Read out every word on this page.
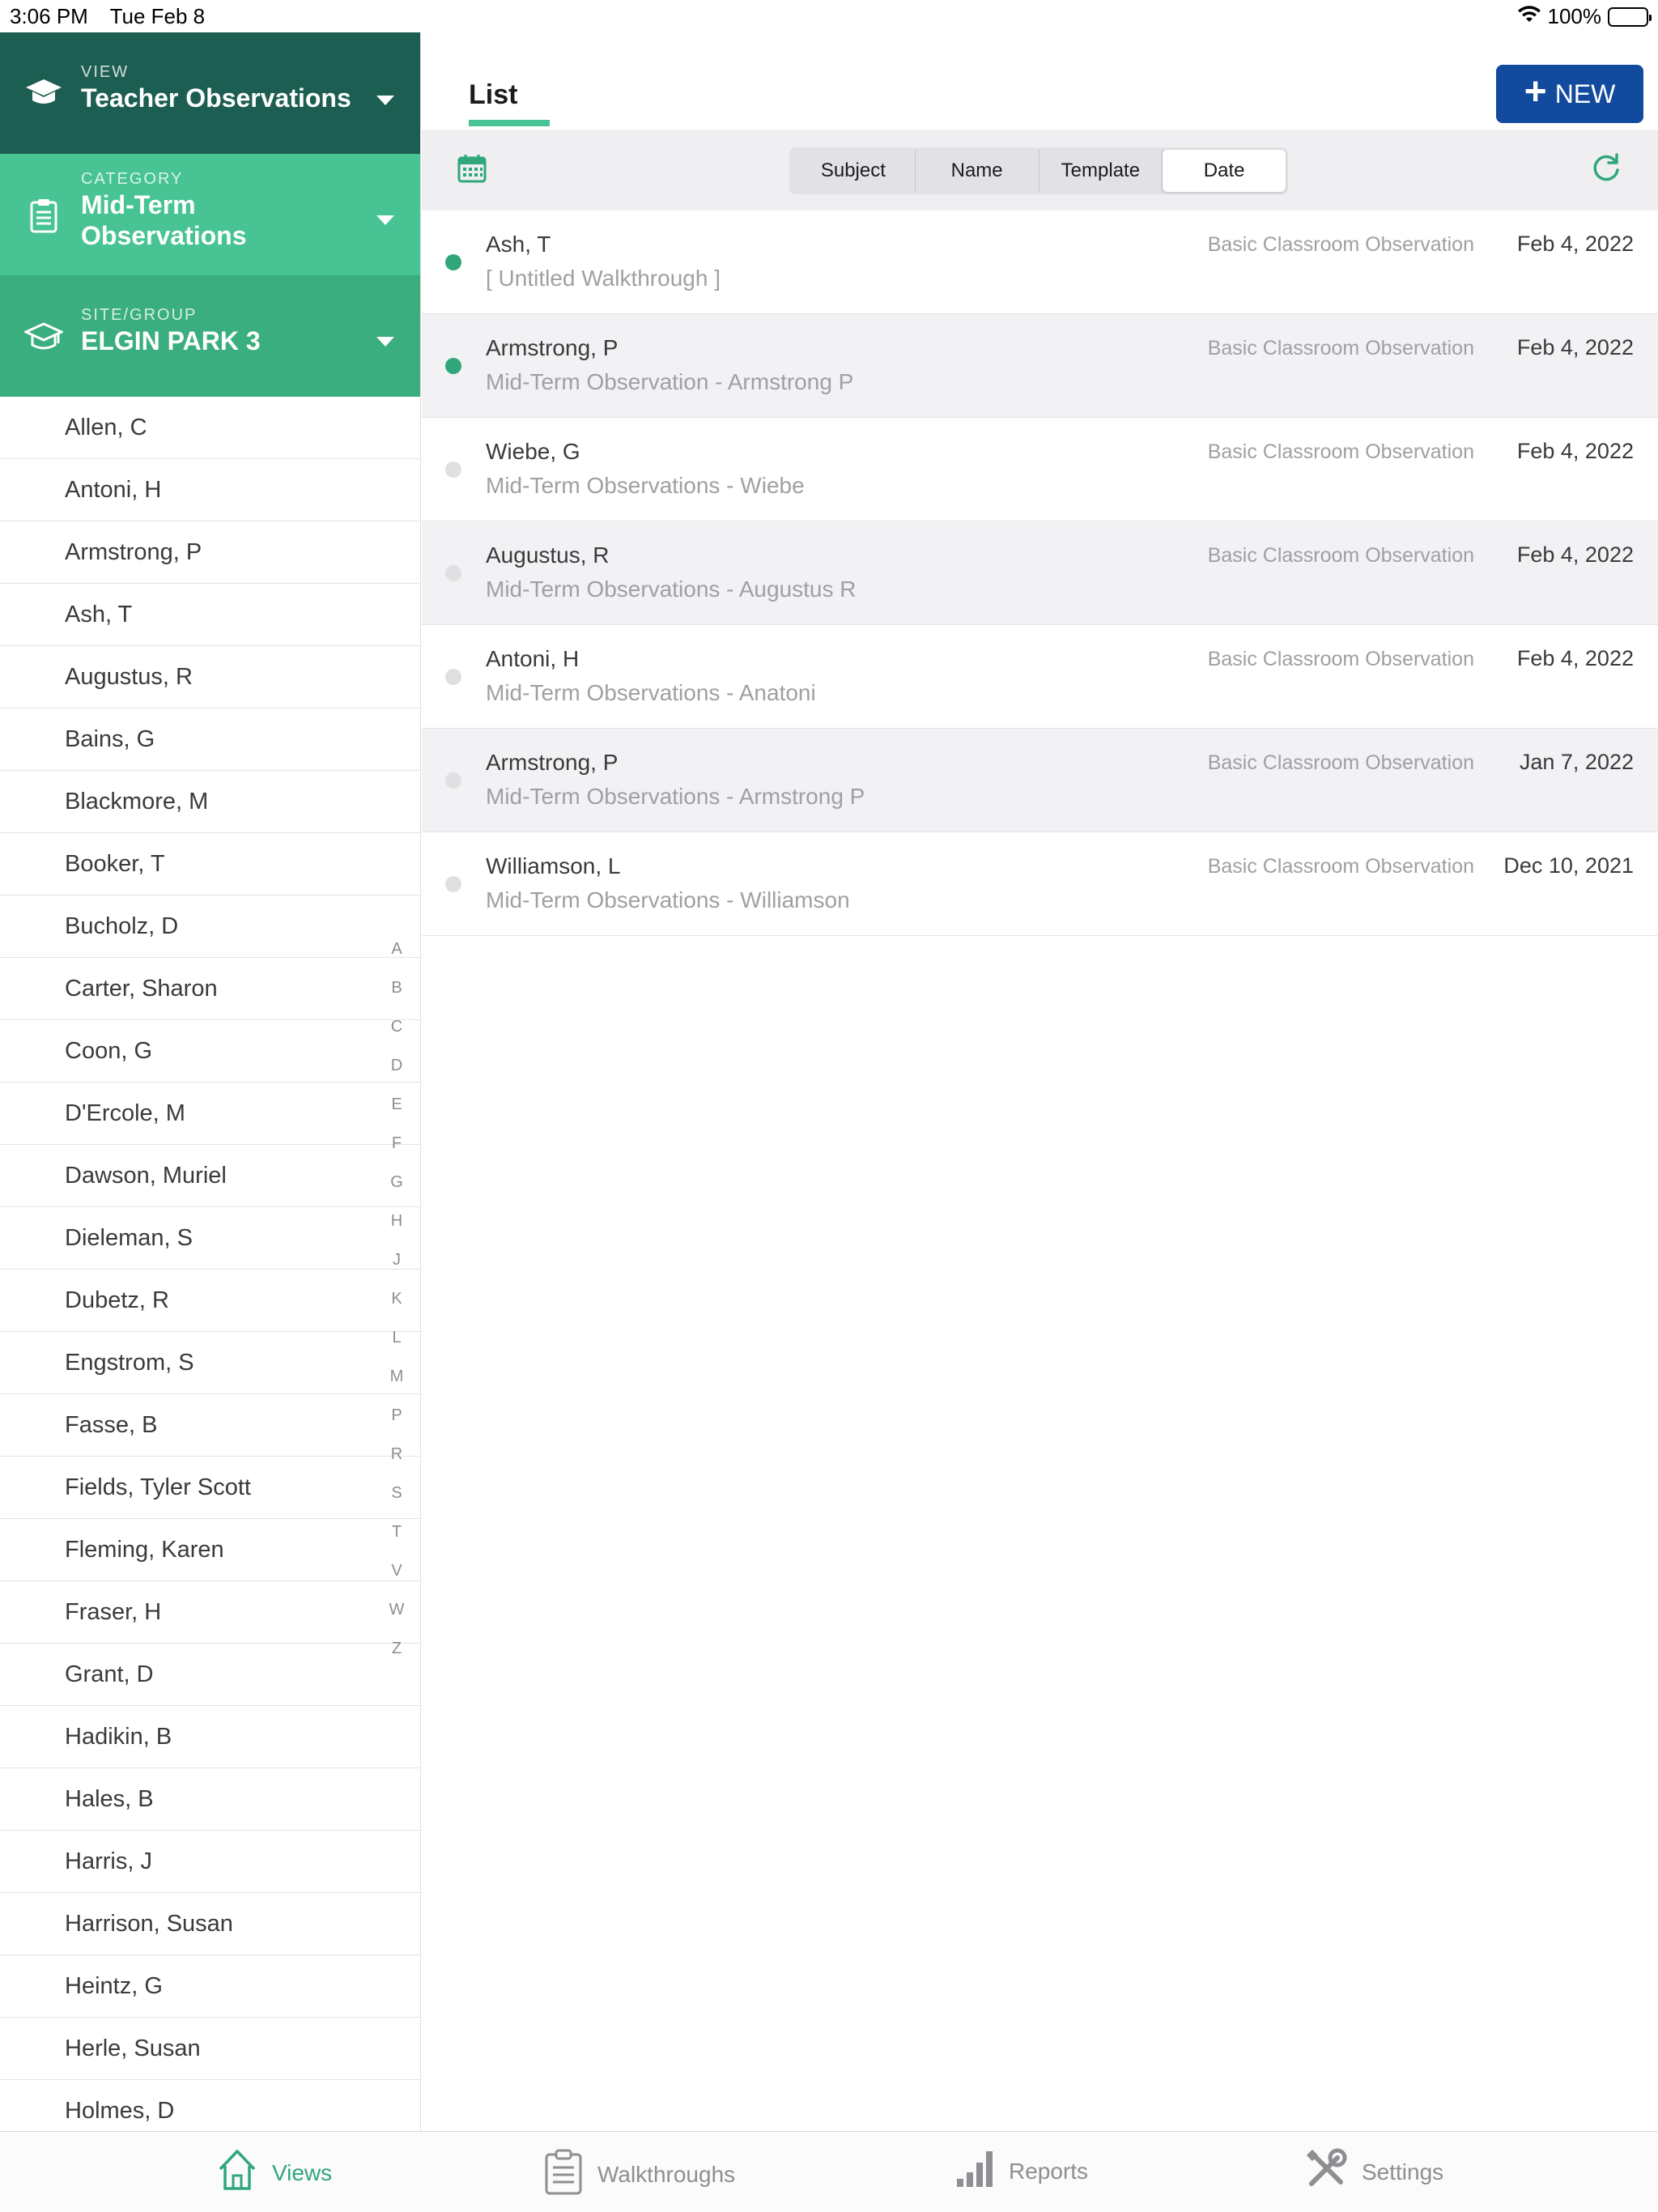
3:06 PM Tue Feb 8	100%
VIEW
Teacher Observations
CATEGORY
Mid-Term Observations
SITE/GROUP
ELGIN PARK 3
Allen, C
Antoni, H
Armstrong, P
Ash, T
Augustus, R
Bains, G
Blackmore, M
Booker, T
Bucholz, D
Carter, Sharon
Coon, G
D'Ercole, M
Dawson, Muriel
Dieleman, S
Dubetz, R
Engstrom, S
Fasse, B
Fields, Tyler Scott
Fleming, Karen
Fraser, H
Grant, D
Hadikin, B
Hales, B
Harris, J
Harrison, Susan
Heintz, G
Herle, Susan
Holmes, D
A
B
C
D
E
F
G
H
J
K
L
M
P
R
S
T
V
W
Z
List	+ NEW
Subject	Name	Template	Date
Ash, T
[ Untitled Walkthrough ]
Basic Classroom Observation Feb 4, 2022
Armstrong, P
Mid-Term Observation - Armstrong P
Basic Classroom Observation Feb 4, 2022
Wiebe, G
Mid-Term Observations - Wiebe
Basic Classroom Observation Feb 4, 2022
Augustus, R
Mid-Term Observations - Augustus R
Basic Classroom Observation Feb 4, 2022
Antoni, H
Mid-Term Observations - Anatoni
Basic Classroom Observation Feb 4, 2022
Armstrong, P
Mid-Term Observations - Armstrong P
Basic Classroom Observation Jan 7, 2022
Williamson, L
Mid-Term Observations - Williamson
Basic Classroom Observation Dec 10, 2021
Views	Walkthroughs	Reports	Settings
